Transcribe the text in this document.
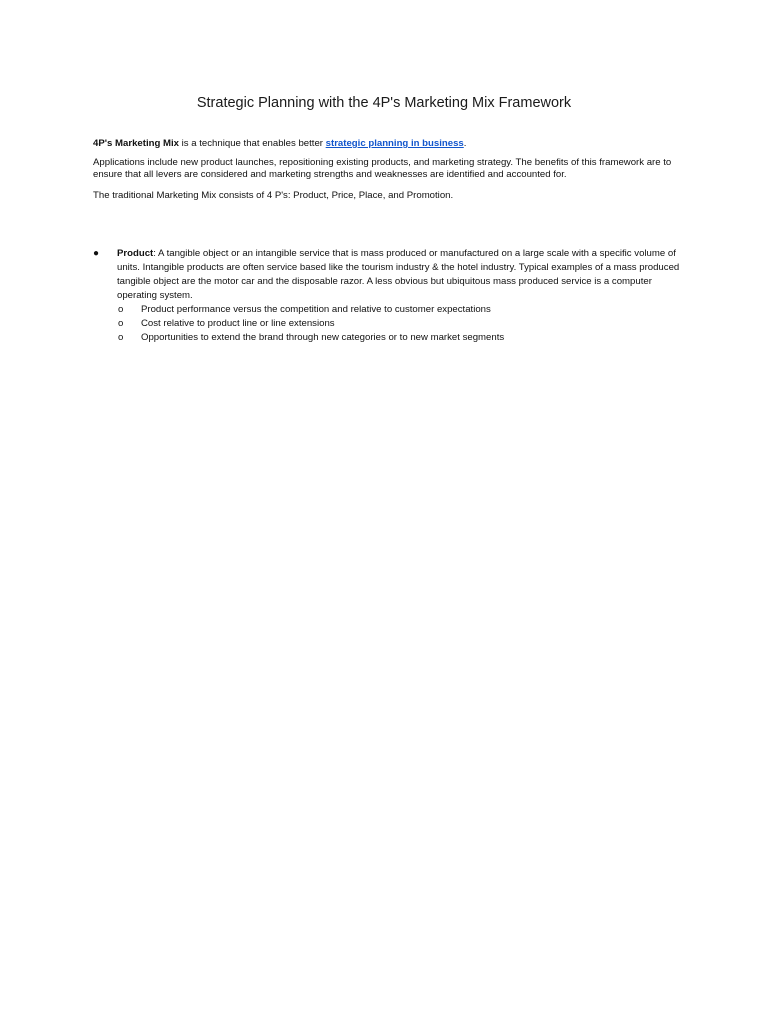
Strategic Planning with the 4P's Marketing Mix Framework
4P's Marketing Mix is a technique that enables better strategic planning in business.
Applications include new product launches, repositioning existing products, and marketing strategy. The benefits of this framework are to ensure that all levers are considered and marketing strengths and weaknesses are identified and accounted for.
The traditional Marketing Mix consists of 4 P's: Product, Price, Place, and Promotion.
● Product: A tangible object or an intangible service that is mass produced or manufactured on a large scale with a specific volume of units. Intangible products are often service based like the tourism industry & the hotel industry. Typical examples of a mass produced tangible object are the motor car and the disposable razor. A less obvious but ubiquitous mass produced service is a computer operating system.
o Product performance versus the competition and relative to customer expectations
o Cost relative to product line or line extensions
o Opportunities to extend the brand through new categories or to new market segments
